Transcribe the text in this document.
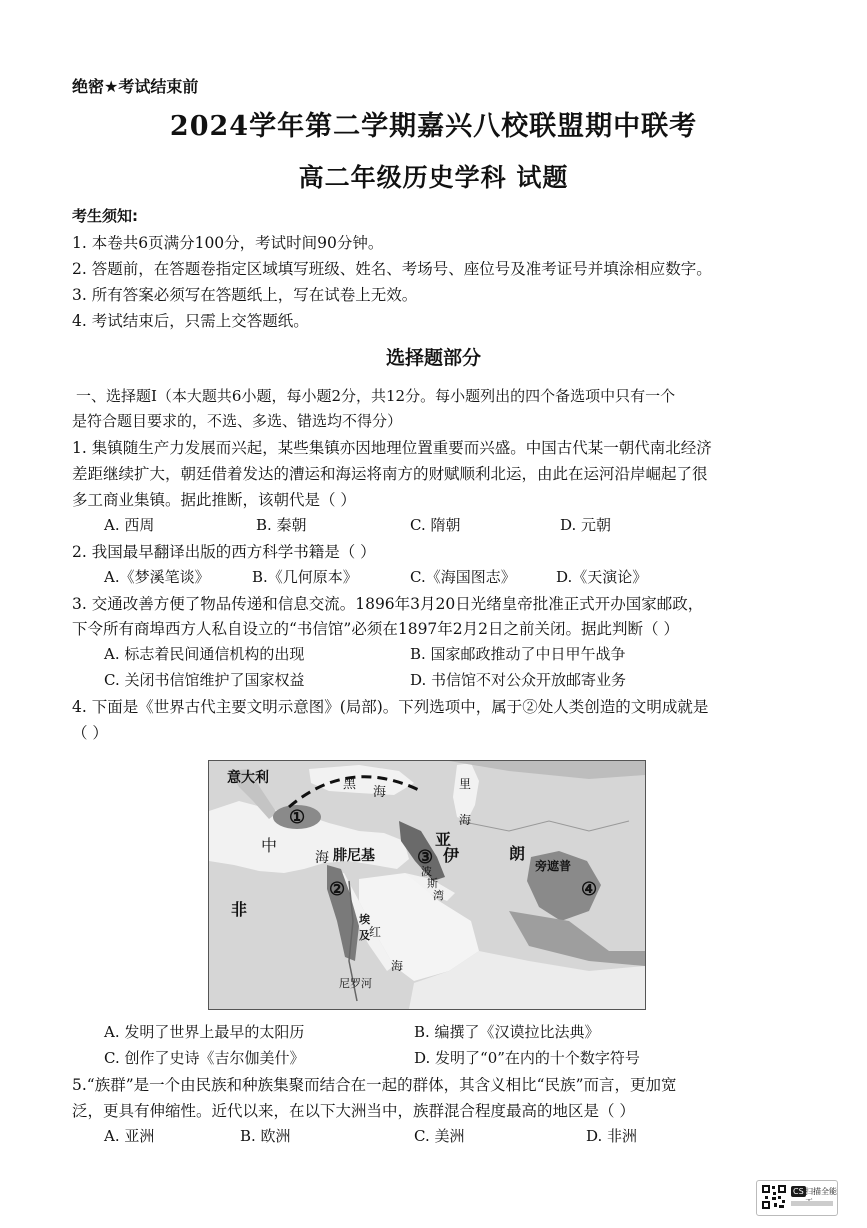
绝密★考试结束前
2024学年第二学期嘉兴八校联盟期中联考
高二年级历史学科 试题
考生须知:
1. 本卷共6页满分100分，考试时间90分钟。
2. 答题前，在答题卷指定区域填写班级、姓名、考场号、座位号及准考证号并填涂相应数字。
3. 所有答案必须写在答题纸上，写在试卷上无效。
4. 考试结束后，只需上交答题纸。
选择题部分
一、选择题Ⅰ（本大题共6小题，每小题2分，共12分。每小题列出的四个备选项中只有一个
是符合题目要求的，不选、多选、错选均不得分）
1. 集镇随生产力发展而兴起，某些集镇亦因地理位置重要而兴盛。中国古代某一朝代南北经济
差距继续扩大，朝廷借着发达的漕运和海运将南方的财赋顺利北运，由此在运河沿岸崛起了很
多工商业集镇。据此推断，该朝代是（ ）
A. 西周	B. 秦朝	C. 隋朝	D. 元朝
2. 我国最早翻译出版的西方科学书籍是（ ）
A.《梦溪笔谈》	B.《几何原本》	C.《海国图志》	D.《天演论》
3. 交通改善方便了物品传递和信息交流。1896年3月20日光绪皇帝批准正式开办国家邮政，
下令所有商埠西方人私自设立的“书信馆”必须在1897年2月2日之前关闭。据此判断（ ）
A. 标志着民间通信机构的出现	B. 国家邮政推动了中日甲午战争
C. 关闭书信馆维护了国家权益	D. 书信馆不对公众开放邮寄业务
4. 下面是《世界古代主要文明示意图》(局部)。下列选项中，属于②处人类创造的文明成就是
（ ）
意大利
中
海 腓尼基
亚
伊	朗
非
黑
海
里
海
红
海
波
斯
湾
尼罗河
旁遮普
埃
及
①
②
③
④
A. 发明了世界上最早的太阳历	B. 编撰了《汉谟拉比法典》
C. 创作了史诗《吉尔伽美什》	D. 发明了“0”在内的十个数字符号
5.“族群”是一个由民族和种族集聚而结合在一起的群体，其含义相比“民族”而言，更加宽
泛，更具有伸缩性。近代以来，在以下大洲当中，族群混合程度最高的地区是（ ）
A. 亚洲	B. 欧洲	C. 美洲	D. 非洲
CS 扫描全能
